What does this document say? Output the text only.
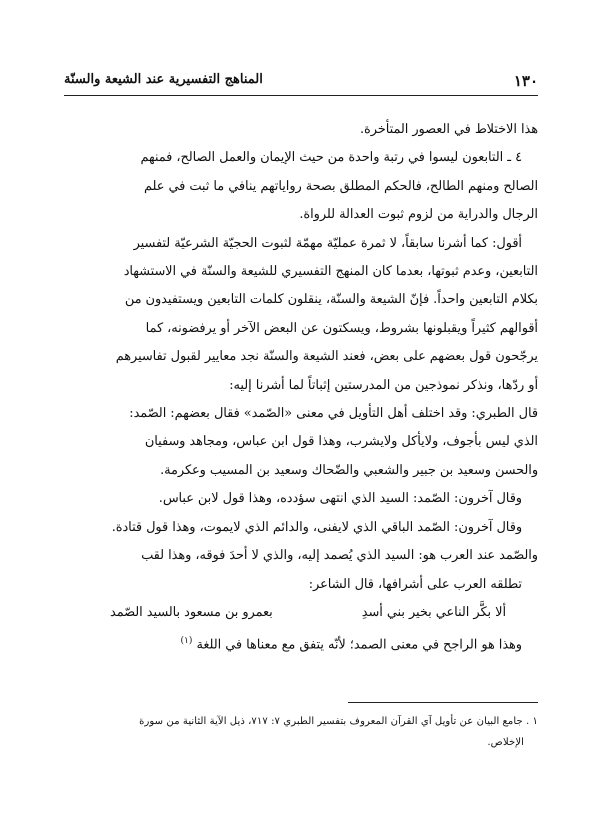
١٣٠
المناهج التفسيرية عند الشيعة والسنّة

هذا الاختلاط في العصور المتأخرة.

٤ ـ التابعون ليسوا في رتبة واحدة من حيث الإيمان والعمل الصالح، فمنهم

الصالح ومنهم الطالح، فالحكم المطلق بصحة رواياتهم ينافي ما ثبت في علم

الرجال والدراية من لزوم ثبوت العدالة للرواة.

أقول: كما أشرنا سابقاً، لا ثمرة عمليّة مهمّة لثبوت الحجيّة الشرعيّة لتفسير

التابعين، وعدم ثبوتها، بعدما كان المنهج التفسيري للشيعة والسنّة في الاستشهاد

بكلام التابعين واحداً. فإنّ الشيعة والسنّة، ينقلون كلمات التابعين ويستفيدون من

أقوالهم كثيراً ويقبلونها بشروط، ويسكتون عن البعض الآخر أو يرفضونه، كما

يرجّحون قول بعضهم على بعض، فعند الشيعة والسنّة نجد معايير لقبول تفاسيرهم

أو ردّها، ونذكر نموذجين من المدرستين إثباتاً لما أشرنا إليه:

قال الطبري: وقد اختلف أهل التأويل في معنى «الصّمد» فقال بعضهم: الصّمد:

الذي ليس بأجوف، ولايأكل ولايشرب، وهذا قول ابن عباس، ومجاهد وسفيان

والحسن وسعيد بن جبير والشعبي والضّحاك وسعيد بن المسيب وعكرمة.

وقال آخرون: الصّمد: السيد الذي انتهى سؤدده، وهذا قول لابن عباس.

وقال آخرون: الصّمد الباقي الذي لايفنى، والدائم الذي لايموت، وهذا قول قتادة.

والصّمد عند العرب هو: السيد الذي يُصمد إليه، والذي لا أحدَ فوقه، وهذا لقب

تطلقه العرب على أشرافها، قال الشاعر:

ألا بكَّر الناعي بخير بني أسدِ
بعمرو بن مسعود بالسيد الصّمد

وهذا هو الراجح في معنى الصمد؛ لأنّه يتفق مع معناها في اللغة $^{(١)}$

١ . جامع البيان عن تأويل آي القرآن المعروف بتفسير الطبري ٧: ٧١٧، ذيل الآية الثانية من سورة

الإخلاص.
